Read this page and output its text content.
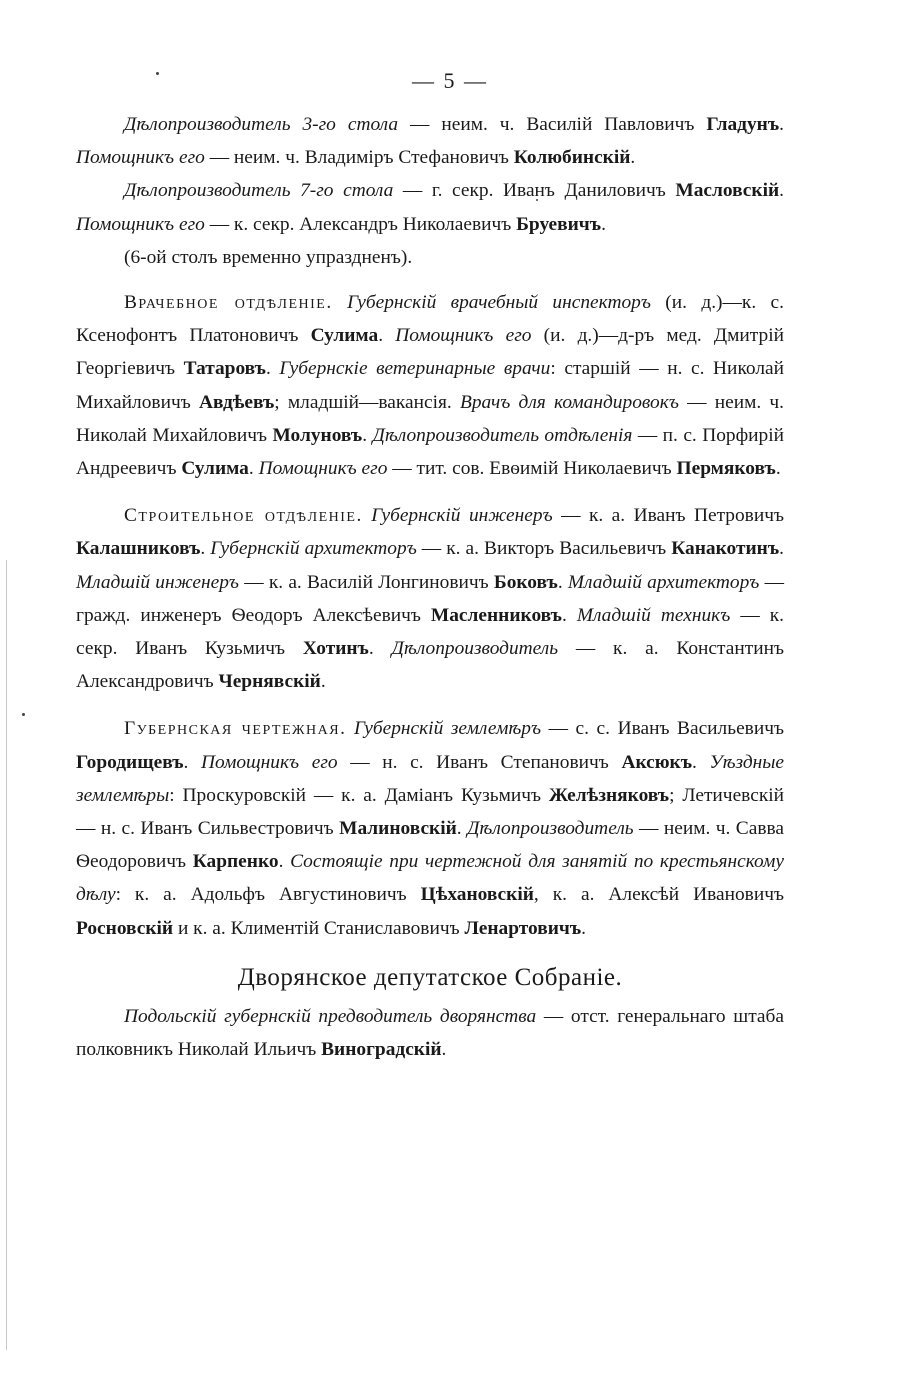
— 5 —

Дѣлопроизводитель 3-го стола — неим. ч. Василій Павловичъ Гладунъ. Помощникъ его — неим. ч. Владиміръ Стефановичъ Колюбинскій.

Дѣлопроизводитель 7-го стола — г. секр. Иванъ Даниловичъ Масловскій. Помощникъ его — к. секр. Александръ Николаевичъ Бруевичъ.

(6-ой столъ временно упраздненъ).

Врачебное отдѣленіе. Губернскій врачебный инспекторъ (и. д.)—к. с. Ксенофонтъ Платоновичъ Сулима. Помощникъ его (и. д.)—д-ръ мед. Дмитрій Георгіевичъ Татаровъ. Губернскіе ветеринарные врачи: старшій — н. с. Николай Михайловичъ Авдѣевъ; младшій—вакансія. Врачъ для командировокъ — неим. ч. Николай Михайловичъ Молуновъ. Дѣлопроизводитель отдѣленія — п. с. Порфирій Андреевичъ Сулима. Помощникъ его — тит. сов. Евѳимій Николаевичъ Пермяковъ.

Строительное отдѣленіе. Губернскій инженеръ — к. а. Иванъ Петровичъ Калашниковъ. Губернскій архитекторъ — к. а. Викторъ Васильевичъ Канакотинъ. Младшій инженеръ — к. а. Василій Лонгиновичъ Боковъ. Младшій архитекторъ — гражд. инженеръ Ѳеодоръ Алексѣевичъ Масленниковъ. Младшій техникъ — к. секр. Иванъ Кузьмичъ Хотинъ. Дѣлопроизводитель — к. а. Константинъ Александровичъ Чернявскій.

Губернская чертежная. Губернскій землемѣръ — с. с. Иванъ Васильевичъ Городищевъ. Помощникъ его — н. с. Иванъ Степановичъ Аксюкъ. Уѣздные землемѣры: Проскуровскій — к. а. Даміанъ Кузьмичъ Желѣзняковъ; Летичевскій — н. с. Иванъ Сильвестровичъ Малиновскій. Дѣлопроизводитель — неим. ч. Савва Ѳеодоровичъ Карпенко. Состоящіе при чертежной для занятій по крестьянскому дѣлу: к. а. Адольфъ Августиновичъ Цѣхановскій, к. а. Алексѣй Ивановичъ Росновскій и к. а. Климентій Станиславовичъ Ленартовичъ.

Дворянское депутатское Собраніе.

Подольскій губернскій предводитель дворянства — отст. генеральнаго штаба полковникъ Николай Ильичъ Виноградскій.
